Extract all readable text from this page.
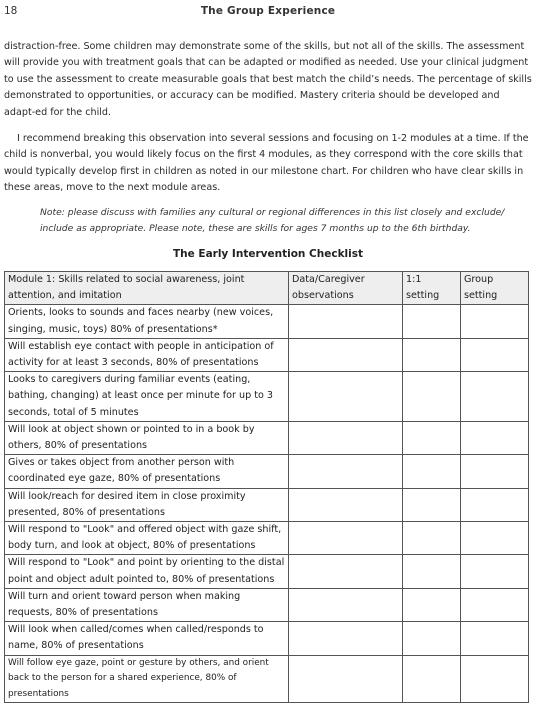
18	The Group Experience

distraction-free. Some children may demonstrate some of the skills, but not all of the skills. The assessment will provide you with treatment goals that can be adapted or modified as needed. Use your clinical judgment to use the assessment to create measurable goals that best match the child’s needs. The percentage of skills demonstrated to opportunities, or accuracy can be modified. Mastery criteria should be developed and adapt-ed for the child.

I recommend breaking this observation into several sessions and focusing on 1-2 modules at a time. If the child is nonverbal, you would likely focus on the first 4 modules, as they correspond with the core skills that would typically develop first in children as noted in our milestone chart. For children who have clear skills in these areas, move to the next module areas.

Note: please discuss with families any cultural or regional differences in this list closely and exclude/ include as appropriate. Please note, these are skills for ages 7 months up to the 6th birthday.

The Early Intervention Checklist
Module 1: Skills related to social awareness, joint attention, and imitation	Data/Caregiver observations	1:1 setting	Group setting
Orients, looks to sounds and faces nearby (new voices, singing, music, toys) 80% of presentations*			
Will establish eye contact with people in anticipation of activity for at least 3 seconds, 80% of presentations			
Looks to caregivers during familiar events (eating, bathing, changing) at least once per minute for up to 3 seconds, total of 5 minutes			
Will look at object shown or pointed to in a book by others, 80% of presentations			
Gives or takes object from another person with coordinated eye gaze, 80% of presentations			
Will look/reach for desired item in close proximity presented, 80% of presentations			
Will respond to "Look" and offered object with gaze shift, body turn, and look at object, 80% of presentations			
Will respond to "Look" and point by orienting to the distal point and object adult pointed to, 80% of presentations			
Will turn and orient toward person when making requests, 80% of presentations			
Will look when called/comes when called/responds to name, 80% of presentations			
Will follow eye gaze, point or gesture by others, and orient back to the person for a shared experience, 80% of presentations			
